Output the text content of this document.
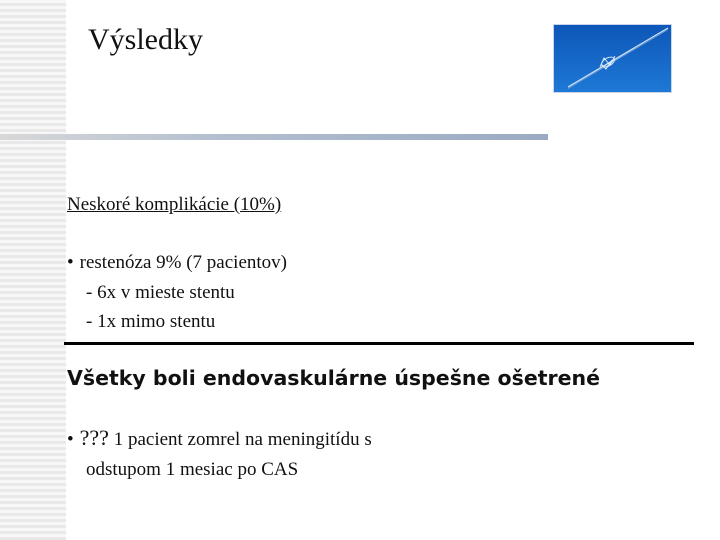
Výsledky
Neskoré komplikácie (10%)
• restenóza 9% (7 pacientov)
- 6x v mieste stentu
- 1x mimo stentu
Všetky boli endovaskulárne úspešne ošetrené
• ??? 1 pacient zomrel na meningitídu s
odstupom 1 mesiac po CAS
